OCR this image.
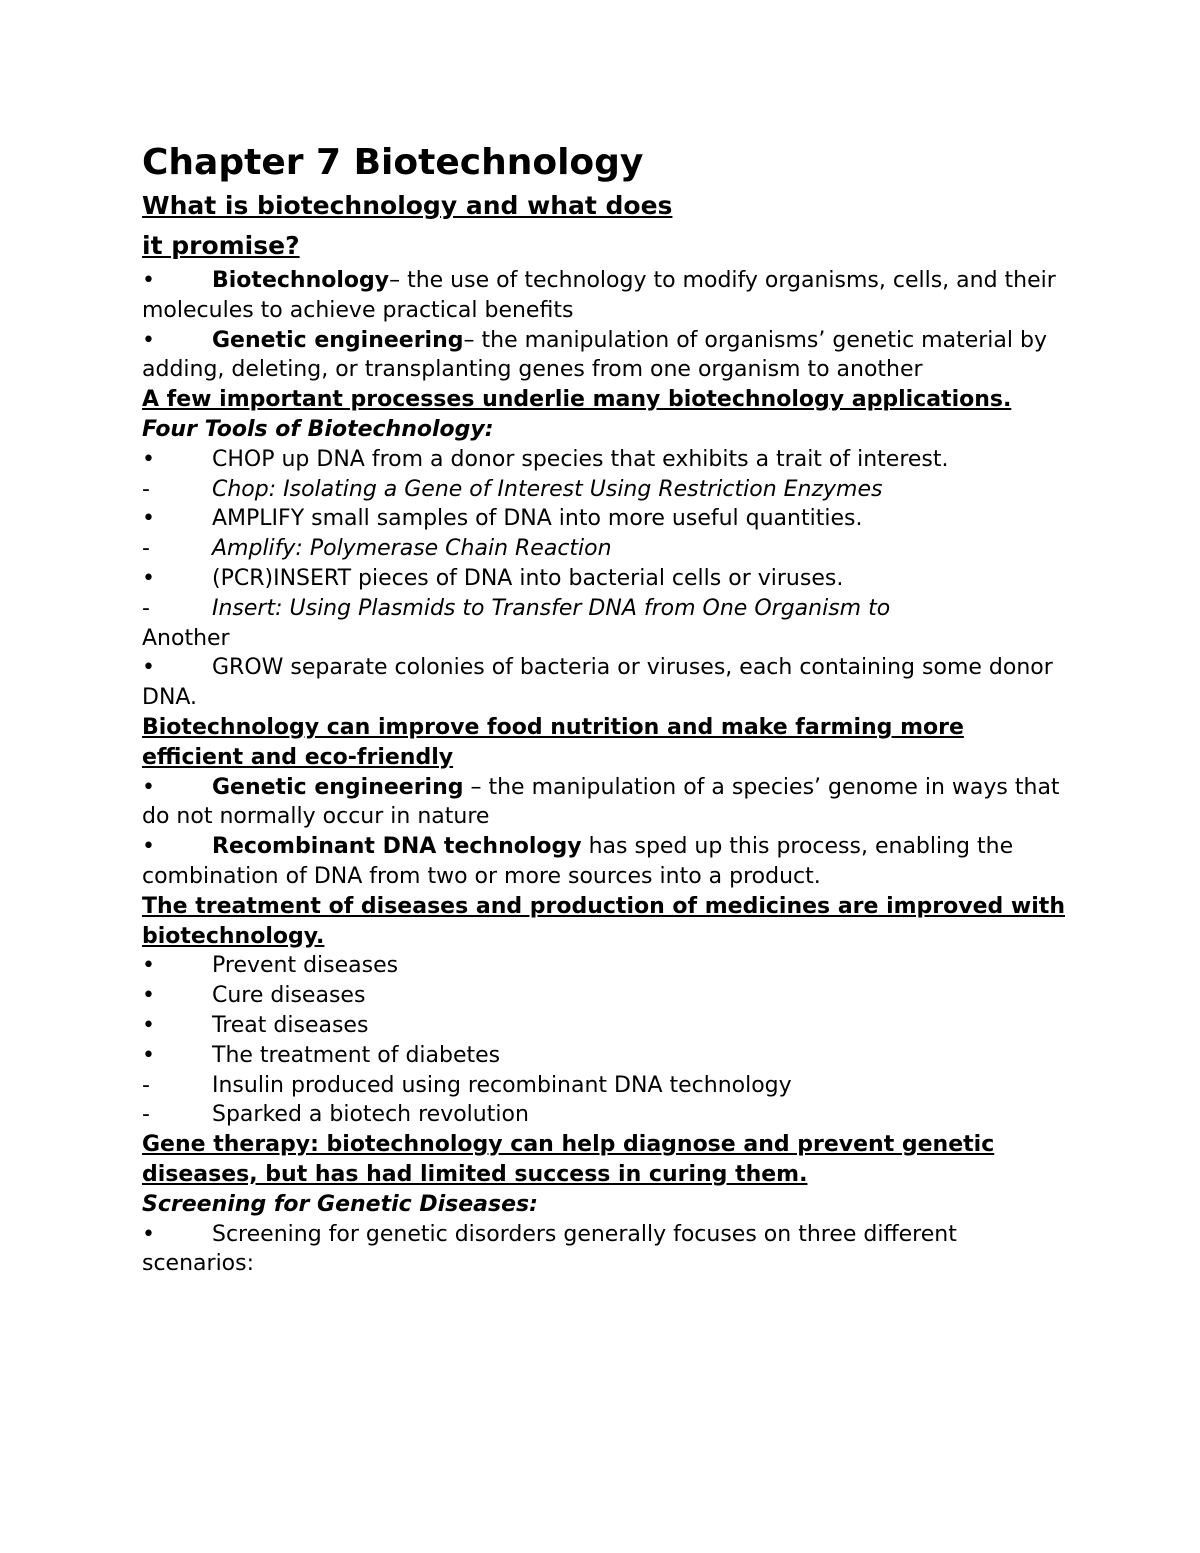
Chapter 7 Biotechnology
What is biotechnology and what does
it promise?
•	Biotechnology– the use of technology to modify organisms, cells, and their molecules to achieve practical benefits
•	Genetic engineering– the manipulation of organisms’ genetic material by adding, deleting, or transplanting genes from one organism to another
A few important processes underlie many biotechnology applications.
Four Tools of Biotechnology:
•	CHOP up DNA from a donor species that exhibits a trait of interest.
-	Chop: Isolating a Gene of Interest Using Restriction Enzymes
•	AMPLIFY small samples of DNA into more useful quantities.
-	Amplify: Polymerase Chain Reaction
•	(PCR)INSERT pieces of DNA into bacterial cells or viruses.
-	Insert: Using Plasmids to Transfer DNA from One Organism to
Another
•	GROW separate colonies of bacteria or viruses, each containing some donor DNA.
Biotechnology can improve food nutrition and make farming more efficient and eco-friendly
•	Genetic engineering – the manipulation of a species’ genome in ways that do not normally occur in nature
•	Recombinant DNA technology has sped up this process, enabling the combination of DNA from two or more sources into a product.
The treatment of diseases and production of medicines are improved with biotechnology.
•	Prevent diseases
•	Cure diseases
•	Treat diseases
•	The treatment of diabetes
-	Insulin produced using recombinant DNA technology
-	Sparked a biotech revolution
Gene therapy: biotechnology can help diagnose and prevent genetic diseases, but has had limited success in curing them.
Screening for Genetic Diseases:
•	Screening for genetic disorders generally focuses on three different scenarios:
